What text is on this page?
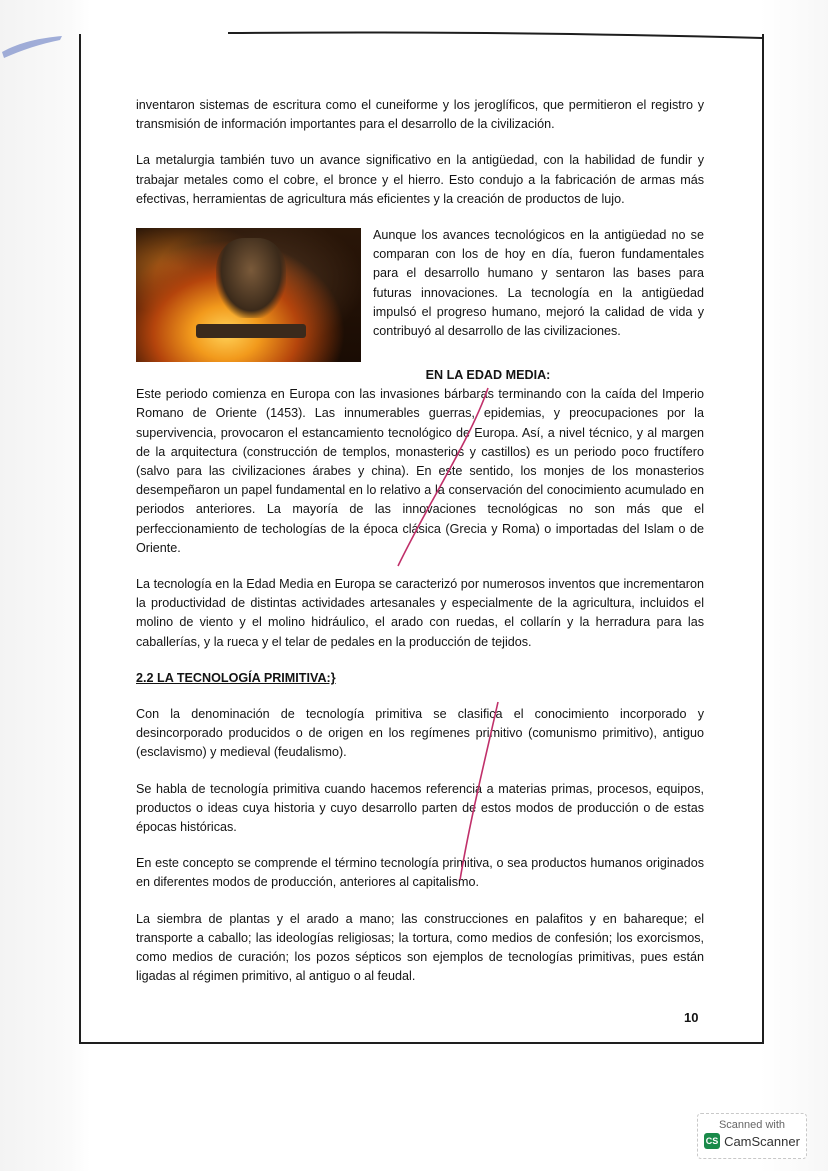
inventaron sistemas de escritura como el cuneiforme y los jeroglíficos, que permitieron el registro y transmisión de información importantes para el desarrollo de la civilización.

La metalurgia también tuvo un avance significativo en la antigüedad, con la habilidad de fundir y trabajar metales como el cobre, el bronce y el hierro. Esto condujo a la fabricación de armas más efectivas, herramientas de agricultura más eficientes y la creación de productos de lujo.

Aunque los avances tecnológicos en la antigüedad no se comparan con los de hoy en día, fueron fundamentales para el desarrollo humano y sentaron las bases para futuras innovaciones. La tecnología en la antigüedad impulsó el progreso humano, mejoró la calidad de vida y contribuyó al desarrollo de las civilizaciones.

EN LA EDAD MEDIA:

Este periodo comienza en Europa con las invasiones bárbaras terminando con la caída del Imperio Romano de Oriente (1453). Las innumerables guerras, epidemias, y preocupaciones por la supervivencia, provocaron el estancamiento tecnológico de Europa. Así, a nivel técnico, y al margen de la arquitectura (construcción de templos, monasterios y castillos) es un periodo poco fructífero (salvo para las civilizaciones árabes y china). En este sentido, los monjes de los monasterios desempeñaron un papel fundamental en lo relativo a la conservación del conocimiento acumulado en periodos anteriores. La mayoría de las innovaciones tecnológicas no son más que el perfeccionamiento de techologías de la época clásica (Grecia y Roma) o importadas del Islam o de Oriente.

La tecnología en la Edad Media en Europa se caracterizó por numerosos inventos que incrementaron la productividad de distintas actividades artesanales y especialmente de la agricultura, incluidos el molino de viento y el molino hidráulico, el arado con ruedas, el collarín y la herradura para las caballerías, y la rueca y el telar de pedales en la producción de tejidos.

2.2 LA TECNOLOGÍA PRIMITIVA:}

Con la denominación de tecnología primitiva se clasifica el conocimiento incorporado y desincorporado producidos o de origen en los regímenes primitivo (comunismo primitivo), antiguo (esclavismo) y medieval (feudalismo).

Se habla de tecnología primitiva cuando hacemos referencia a materias primas, procesos, equipos, productos o ideas cuya historia y cuyo desarrollo parten de estos modos de producción o de estas épocas históricas.

En este concepto se comprende el término tecnología primitiva, o sea productos humanos originados en diferentes modos de producción, anteriores al capitalismo.

La siembra de plantas y el arado a mano; las construcciones en palafitos y en bahareque; el transporte a caballo; las ideologías religiosas; la tortura, como medios de confesión; los exorcismos, como medios de curación; los pozos sépticos son ejemplos de tecnologías primitivas, pues están ligadas al régimen primitivo, al antiguo o al feudal.

10
Scanned with
CS CamScanner
